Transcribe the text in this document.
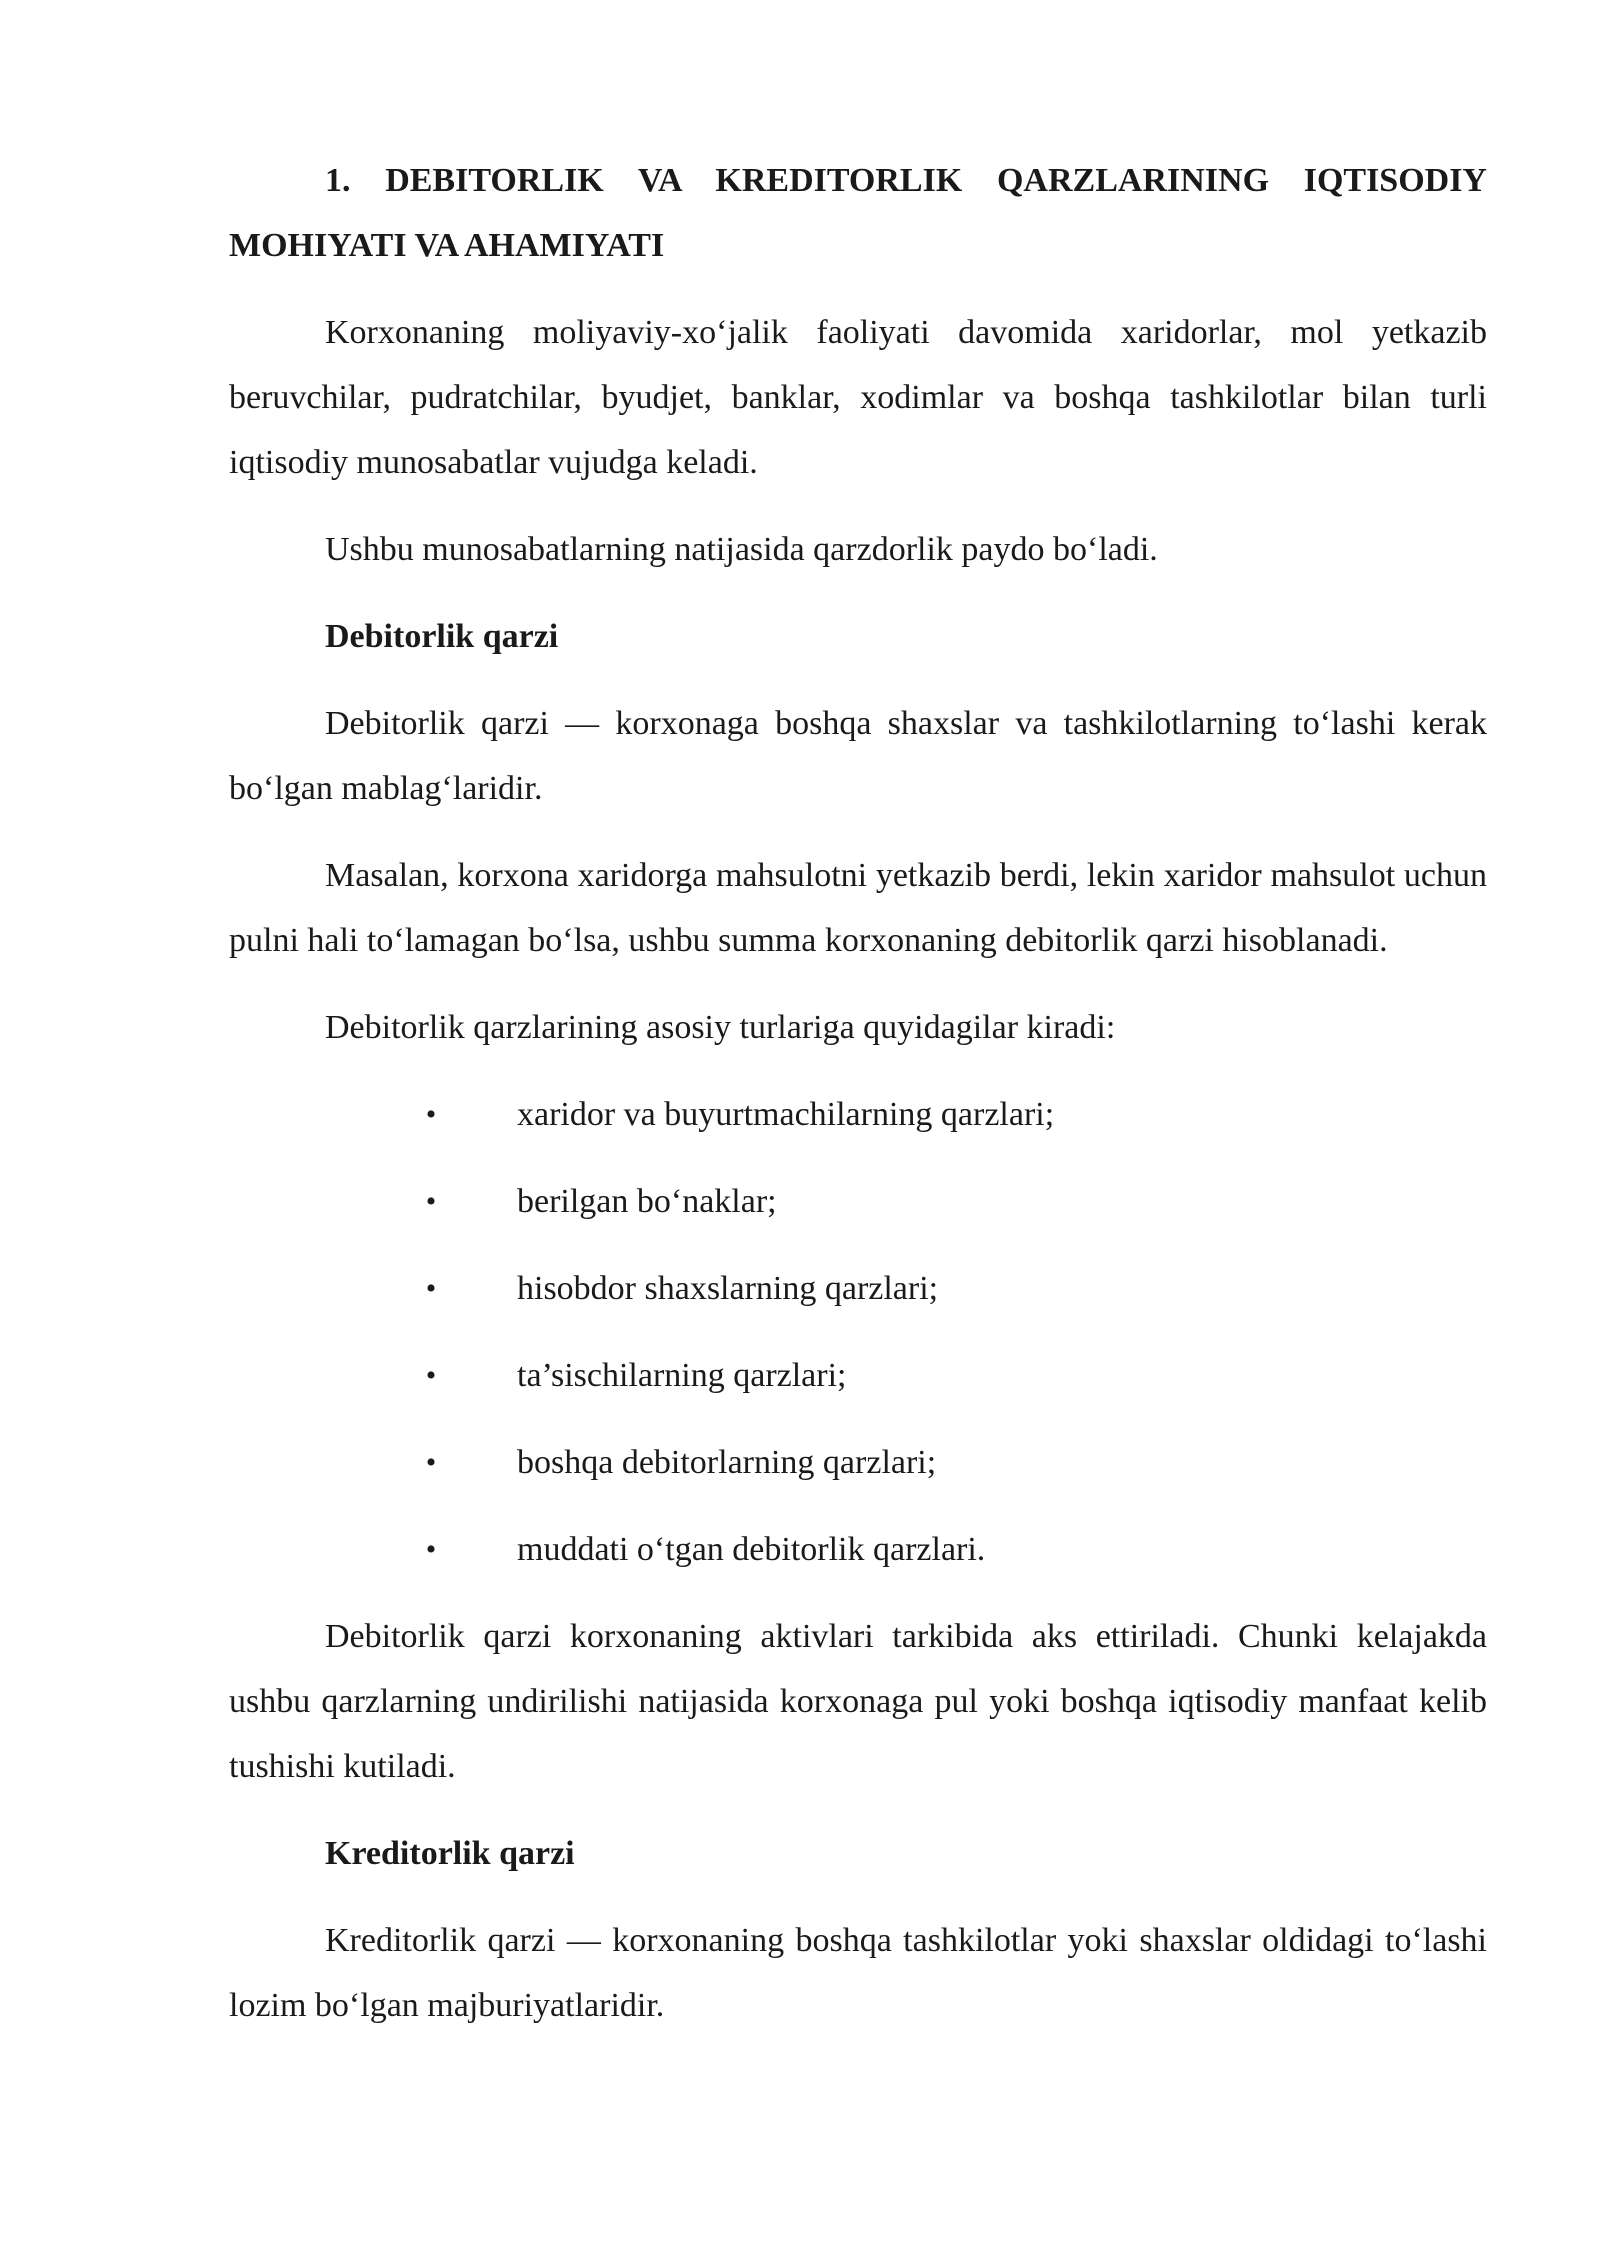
1. DEBITORLIK VA KREDITORLIK QARZLARINING IQTISODIY MOHIYATI VA AHAMIYATI

Korxonaning moliyaviy-xo‘jalik faoliyati davomida xaridorlar, mol yetkazib beruvchilar, pudratchilar, byudjet, banklar, xodimlar va boshqa tashkilotlar bilan turli iqtisodiy munosabatlar vujudga keladi.

Ushbu munosabatlarning natijasida qarzdorlik paydo bo‘ladi.

Debitorlik qarzi

Debitorlik qarzi — korxonaga boshqa shaxslar va tashkilotlarning to‘lashi kerak bo‘lgan mablag‘laridir.

Masalan, korxona xaridorga mahsulotni yetkazib berdi, lekin xaridor mahsulot uchun pulni hali to‘lamagan bo‘lsa, ushbu summa korxonaning debitorlik qarzi hisoblanadi.

Debitorlik qarzlarining asosiy turlariga quyidagilar kiradi:

• xaridor va buyurtmachilarning qarzlari;
• berilgan bo‘naklar;
• hisobdor shaxslarning qarzlari;
• ta’sischilarning qarzlari;
• boshqa debitorlarning qarzlari;
• muddati o‘tgan debitorlik qarzlari.

Debitorlik qarzi korxonaning aktivlari tarkibida aks ettiriladi. Chunki kelajakda ushbu qarzlarning undirilishi natijasida korxonaga pul yoki boshqa iqtisodiy manfaat kelib tushishi kutiladi.

Kreditorlik qarzi

Kreditorlik qarzi — korxonaning boshqa tashkilotlar yoki shaxslar oldidagi to‘lashi lozim bo‘lgan majburiyatlaridir.
